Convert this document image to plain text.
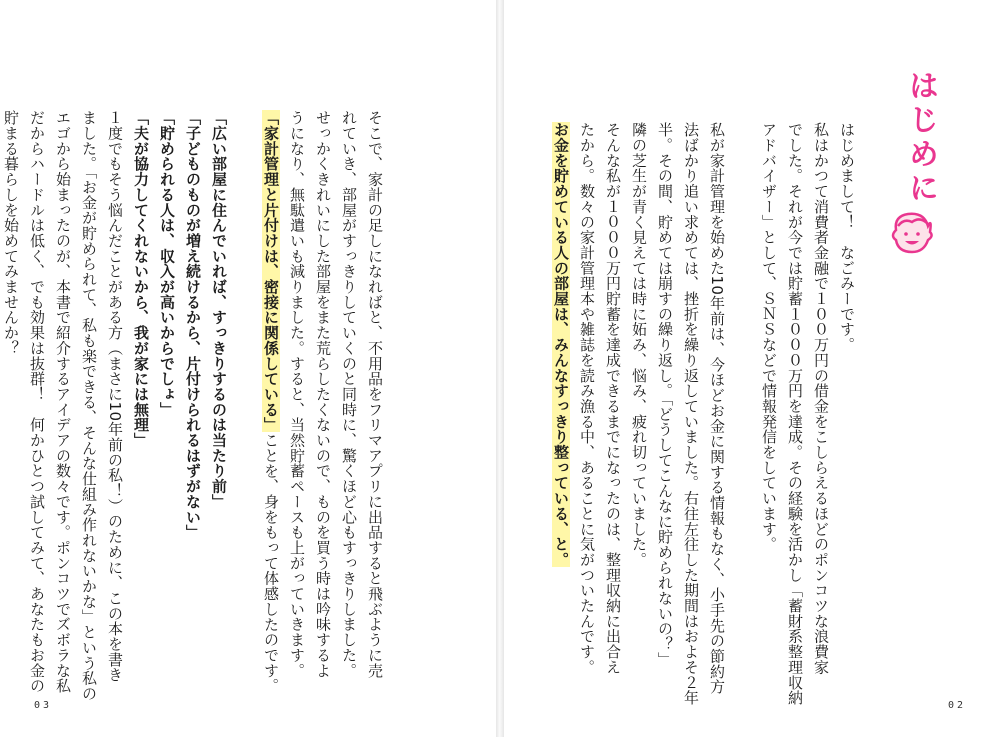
そこで、家計の足しになればと、不用品をフリマアプリに出品すると飛ぶように売
れていき、部屋がすっきりしていくのと同時に、驚くほど心もすっきりしました。
せっかくきれいにした部屋をまた荒らしたくないので、ものを買う時は吟味するよ
うになり、無駄遣いも減りました。すると、当然貯蓄ペースも上がっていきます。
「家計管理と片付けは、密接に関係している」ことを、身をもって体感したのです。

「広い部屋に住んでいれば、すっきりするのは当たり前」
「子どものものが増え続けるから、片付けられるはずがない」
「貯められる人は、収入が高いからでしょ」
「夫が協力してくれないから、我が家には無理」
１度でもそう悩んだことがある方（まさに10年前の私！）のために、この本を書き
ました。「お金が貯められて、私も楽できる、そんな仕組み作れないかな」という私の
エゴから始まったのが、本書で紹介するアイデアの数々です。ポンコツでズボラな私
だからハードルは低く、でも効果は抜群！　何かひとつ試してみて、あなたもお金の
貯まる暮らしを始めてみませんか？
03
はじめまして！　なごみーです。
私はかつて消費者金融で１００万円の借金をこしらえるほどのポンコツな浪費家
でした。それが今では貯蓄１０００万円を達成。その経験を活かし「蓄財系整理収納
アドバイザー」として、ＳＮＳなどで情報発信をしています。

私が家計管理を始めた10年前は、今ほどお金に関する情報もなく、小手先の節約方
法ばかり追い求めては、挫折を繰り返していました。右往左往した期間はおよそ２年
半。その間、貯めては崩すの繰り返し。「どうしてこんなに貯められないの？」
隣の芝生が青く見えては時に妬み、悩み、疲れ切っていました。
そんな私が１０００万円貯蓄を達成できるまでになったのは、整理収納に出合え
たから。数々の家計管理本や雑誌を読み漁る中、あることに気がついたんです。
お金を貯めている人の部屋は、みんなすっきり整っている、と。
02
はじめに
